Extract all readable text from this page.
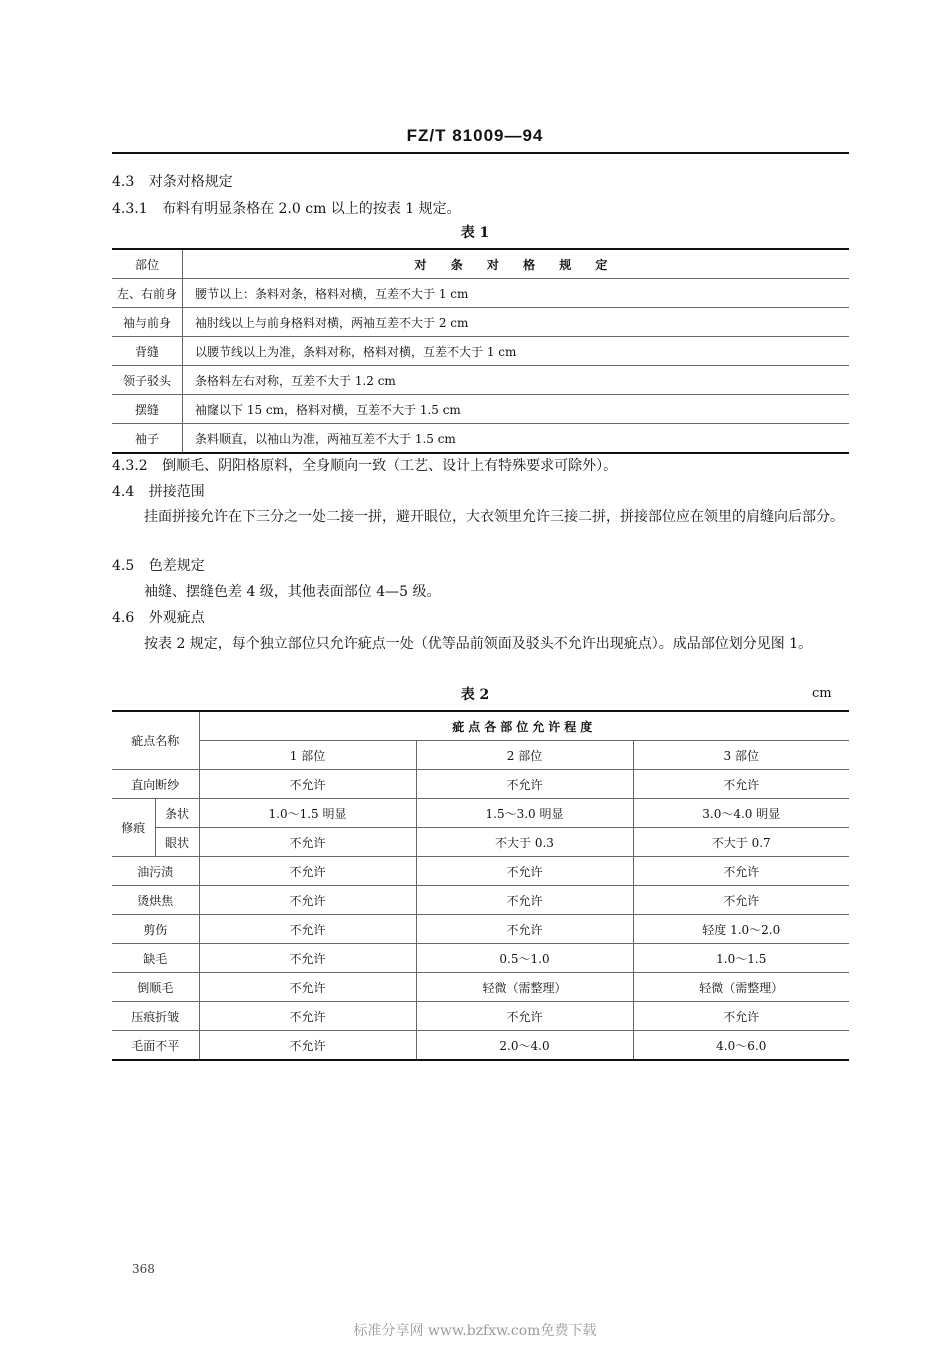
FZ/T 81009—94
4.3 对条对格规定
4.3.1 布料有明显条格在 2.0 cm 以上的按表 1 规定。
表 1
部位	对 条 对 格 规 定
左、右前身	腰节以上：条料对条，格料对横，互差不大于 1 cm
袖与前身	袖肘线以上与前身格料对横，两袖互差不大于 2 cm
背缝	以腰节线以上为准，条料对称，格料对横，互差不大于 1 cm
领子驳头	条格料左右对称，互差不大于 1.2 cm
摆缝	袖窿以下 15 cm，格料对横，互差不大于 1.5 cm
袖子	条料顺直，以袖山为准，两袖互差不大于 1.5 cm
4.3.2 倒顺毛、阴阳格原料，全身顺向一致（工艺、设计上有特殊要求可除外）。
4.4 拼接范围
挂面拼接允许在下三分之一处二接一拼，避开眼位，大衣领里允许三接二拼，拼接部位应在领里的肩缝向后部分。
4.5 色差规定
袖缝、摆缝色差 4 级，其他表面部位 4—5 级。
4.6 外观疵点
按表 2 规定，每个独立部位只允许疵点一处（优等品前领面及驳头不允许出现疵点）。成品部位划分见图 1。
表 2	cm
疵点名称		疵点各部位允许程度		
		1 部位	2 部位	3 部位
直向断纱		不允许	不允许	不允许
修痕	条状	1.0～1.5 明显	1.5～3.0 明显	3.0～4.0 明显
	眼状	不允许	不大于 0.3	不大于 0.7
油污渍		不允许	不允许	不允许
烫烘焦		不允许	不允许	不允许
剪伤		不允许	不允许	轻度 1.0～2.0
缺毛		不允许	0.5～1.0	1.0～1.5
倒顺毛		不允许	轻微（需整理）	轻微（需整理）
压痕折皱		不允许	不允许	不允许
毛面不平		不允许	2.0～4.0	4.0～6.0
368
标准分享网 www.bzfxw.com免费下载
